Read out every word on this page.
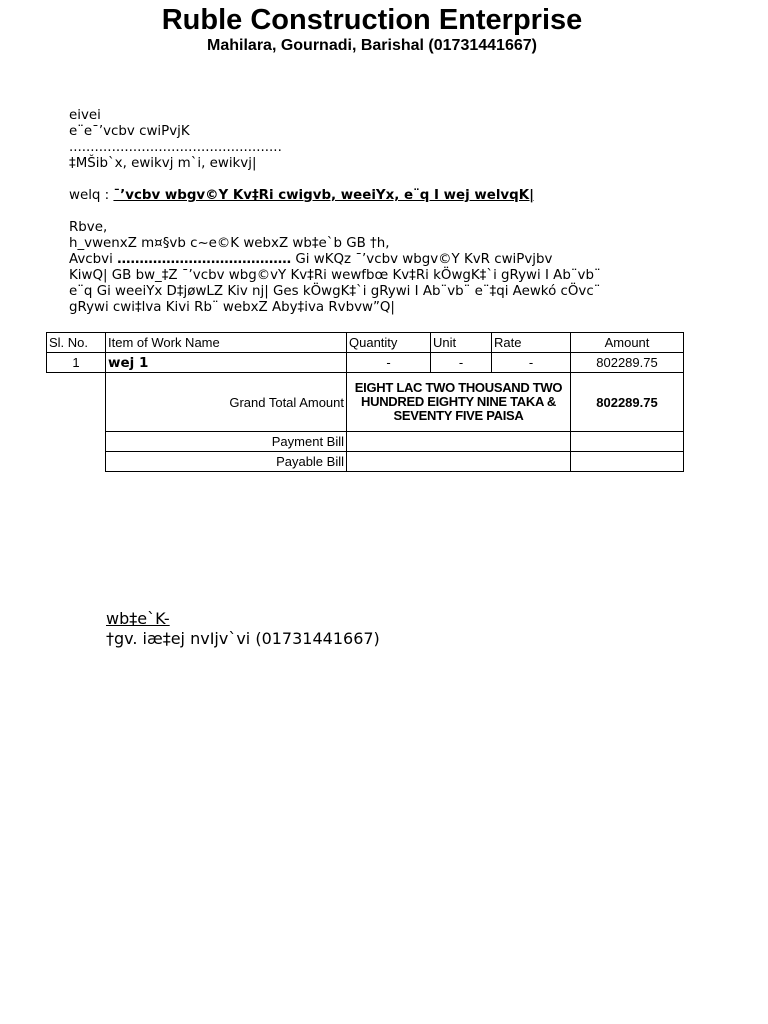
Ruble Construction Enterprise
Mahilara, Gournadi, Barishal (01731441667)
eivei
e¨e¯’vcbv cwiPvjK
..................................................
‡MŠib`x, ewikvj m`i, ewikvj|
welq : ¯’vcbv wbgv©Y Kv‡Ri cwigvb, weeiYx, e¨q I wej welvqK|
Rbve,
h_vwenxZ m¤§vb c~e©K webxZ wb‡e`b GB †h,
Avcbvi ………………………………… Gi wKQz ¯’vcbv wbgv©Y KvR cwiPvjbv
KiwQ| GB bw_‡Z ¯’vcbv wbg©vY Kv‡Ri wewfbœ Kv‡Ri kÖwgK‡`i gRywi I Ab¨vb¨
e¨q Gi weeiYx D‡jøwLZ Kiv nj| Ges kÖwgK‡`i gRywi I Ab¨vb¨ e¨‡qi Aewkó cÖvc¨
gRywi cwi‡lva Kivi Rb¨ webxZ Aby‡iva Rvbvw”Q|
Sl. No.	Item of Work Name	Quantity	Unit	Rate	Amount
1	wej 1	-	-	-	802289.75
	Grand Total Amount	EIGHT LAC TWO THOUSAND TWO HUNDRED EIGHTY NINE TAKA & SEVENTY FIVE PAISA			802289.75
	Payment Bill				
	Payable Bill				
wb‡e`K-
†gv. iæ‡ej nvIjv`vi (01731441667)
